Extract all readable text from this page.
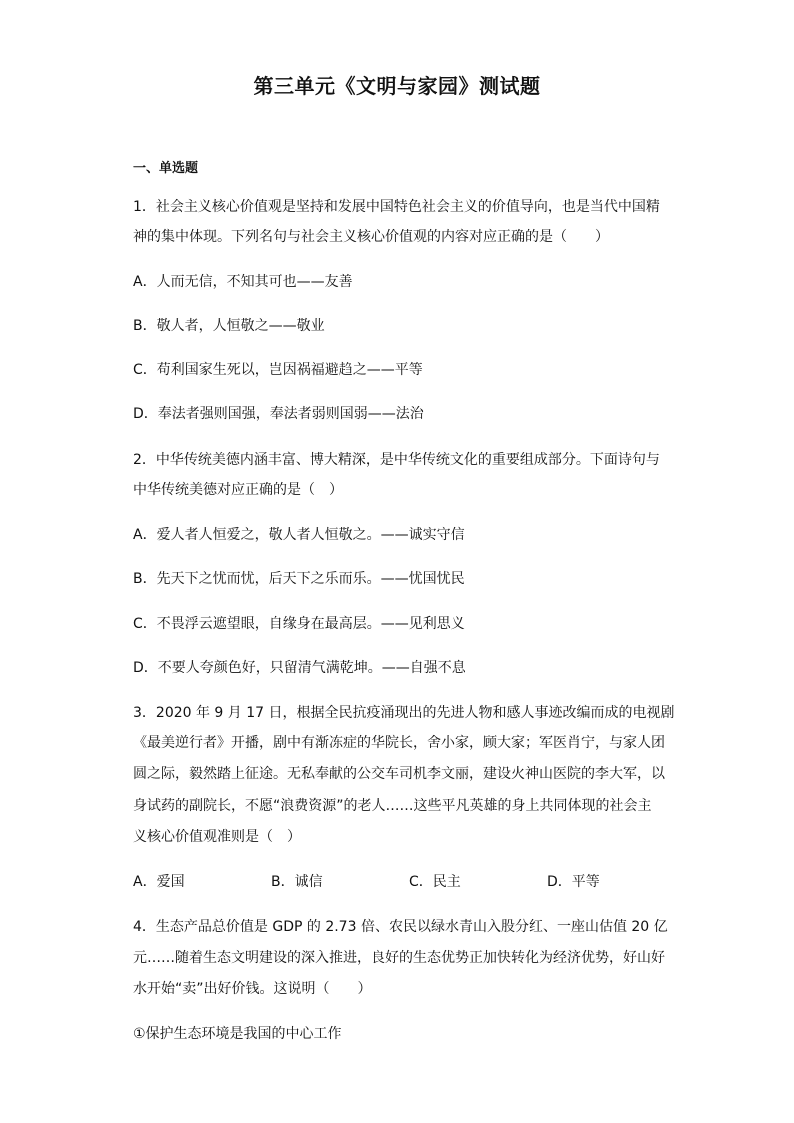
第三单元《文明与家园》测试题
一、单选题
1．社会主义核心价值观是坚持和发展中国特色社会主义的价值导向，也是当代中国精
神的集中体现。下列名句与社会主义核心价值观的内容对应正确的是（　　）
A．人而无信，不知其可也——友善
B．敬人者，人恒敬之——敬业
C．苟利国家生死以，岂因祸福避趋之——平等
D．奉法者强则国强，奉法者弱则国弱——法治
2．中华传统美德内涵丰富、博大精深，是中华传统文化的重要组成部分。下面诗句与
中华传统美德对应正确的是（　）
A．爱人者人恒爱之，敬人者人恒敬之。——诚实守信
B．先天下之忧而忧，后天下之乐而乐。——忧国忧民
C．不畏浮云遮望眼，自缘身在最高层。——见利思义
D．不要人夸颜色好，只留清气满乾坤。——自强不息
3．2020 年 9 月 17 日，根据全民抗疫涌现出的先进人物和感人事迹改编而成的电视剧
《最美逆行者》开播，剧中有渐冻症的华院长，舍小家，顾大家；军医肖宁，与家人团
圆之际，毅然踏上征途。无私奉献的公交车司机李文丽，建设火神山医院的李大军，以
身试药的副院长，不愿“浪费资源”的老人……这些平凡英雄的身上共同体现的社会主
义核心价值观准则是（　）
A．爱国	B．诚信	C．民主	D．平等
4．生态产品总价值是 GDP 的 2.73 倍、农民以绿水青山入股分红、一座山估值 20 亿
元……随着生态文明建设的深入推进，良好的生态优势正加快转化为经济优势，好山好
水开始“卖”出好价钱。这说明（　　）
①保护生态环境是我国的中心工作
